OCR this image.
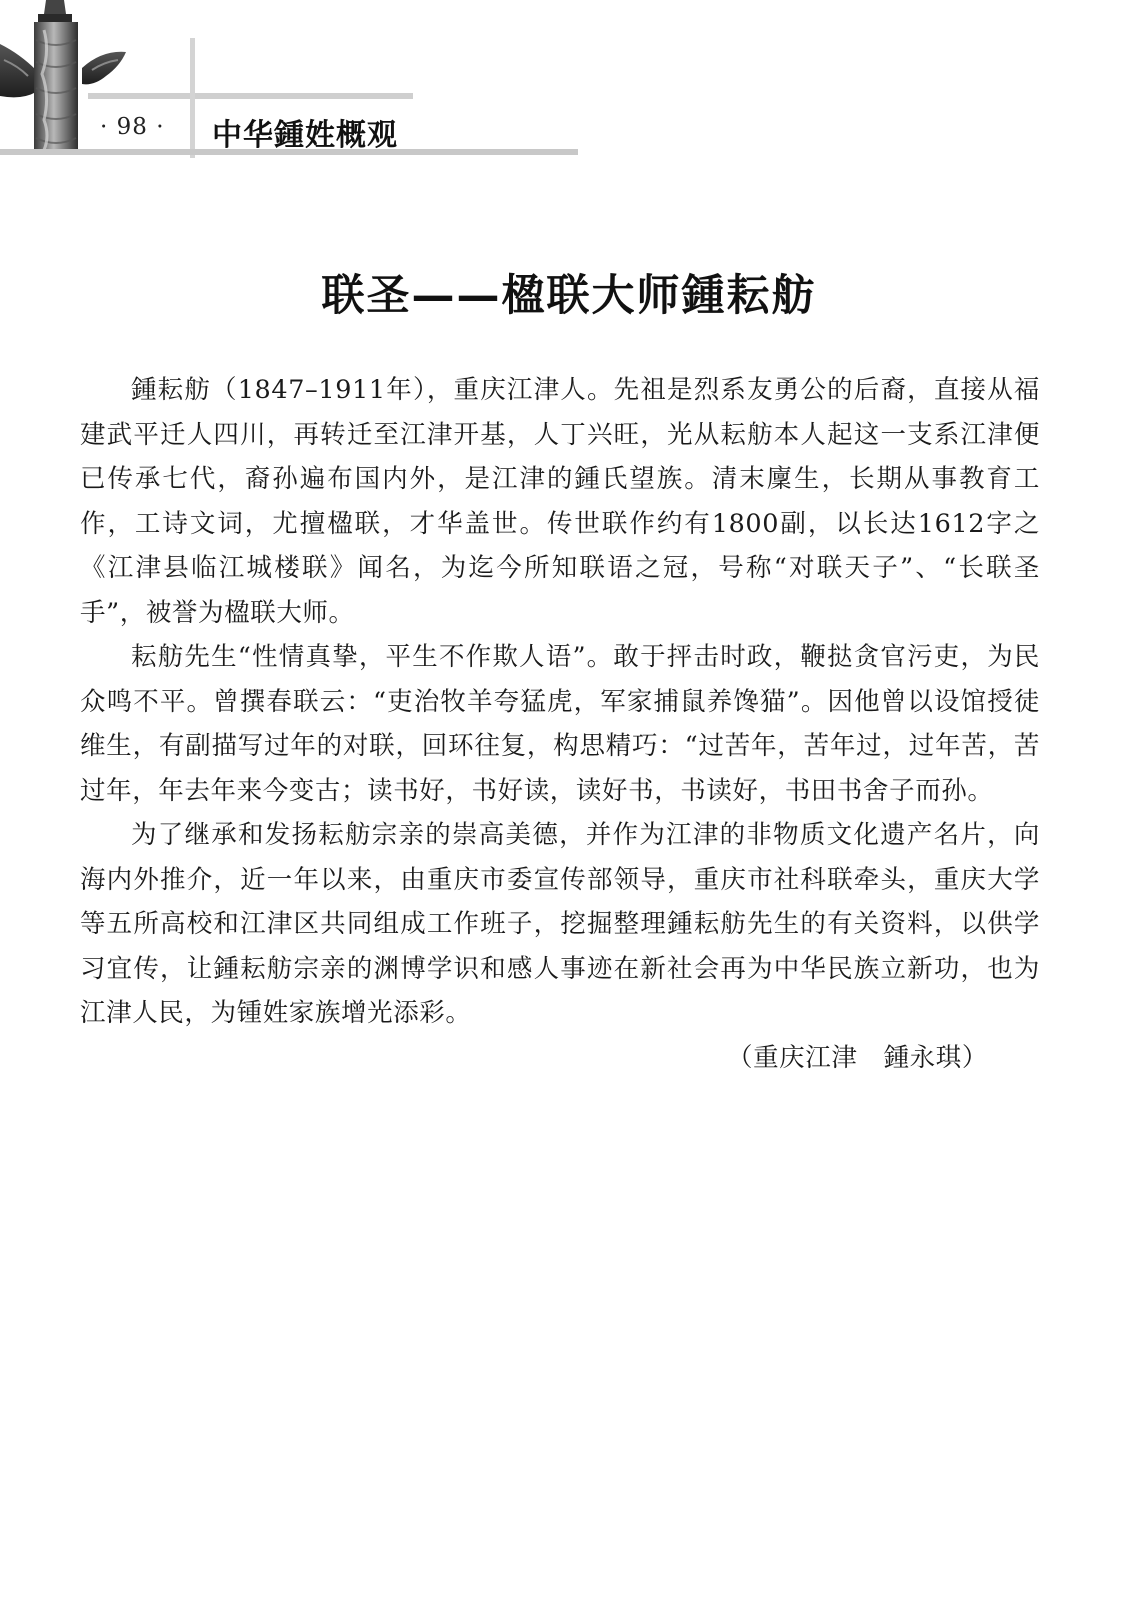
· 98 · 中华鍾姓概观
联圣——楹联大师鍾耘舫

鍾耘舫（1847–1911年），重庆江津人。先祖是烈系友勇公的后裔，直接从福建武平迁人四川，再转迁至江津开基，人丁兴旺，光从耘舫本人起这一支系江津便已传承七代，裔孙遍布国内外，是江津的鍾氏望族。清末廩生，长期从事教育工作，工诗文词，尤擅楹联，才华盖世。传世联作约有1800副，以长达1612字之《江津县临江城楼联》闻名，为迄今所知联语之冠，号称“对联天子”、“长联圣手”，被誉为楹联大师。

耘舫先生“性情真挚，平生不作欺人语”。敢于抨击时政，鞭挞贪官污吏，为民众鸣不平。曾撰春联云：“吏治牧羊夸猛虎，军家捕鼠养馋猫”。因他曾以设馆授徒维生，有副描写过年的对联，回环往复，构思精巧：“过苦年，苦年过，过年苦，苦过年，年去年来今变古；读书好，书好读，读好书，书读好，书田书舍子而孙。

为了继承和发扬耘舫宗亲的崇高美德，并作为江津的非物质文化遗产名片，向海内外推介，近一年以来，由重庆市委宣传部领导，重庆市社科联牵头，重庆大学等五所高校和江津区共同组成工作班子，挖掘整理鍾耘舫先生的有关资料，以供学习宜传，让鍾耘舫宗亲的渊博学识和感人事迹在新社会再为中华民族立新功，也为江津人民，为锺姓家族增光添彩。

（重庆江津　鍾永琪）
